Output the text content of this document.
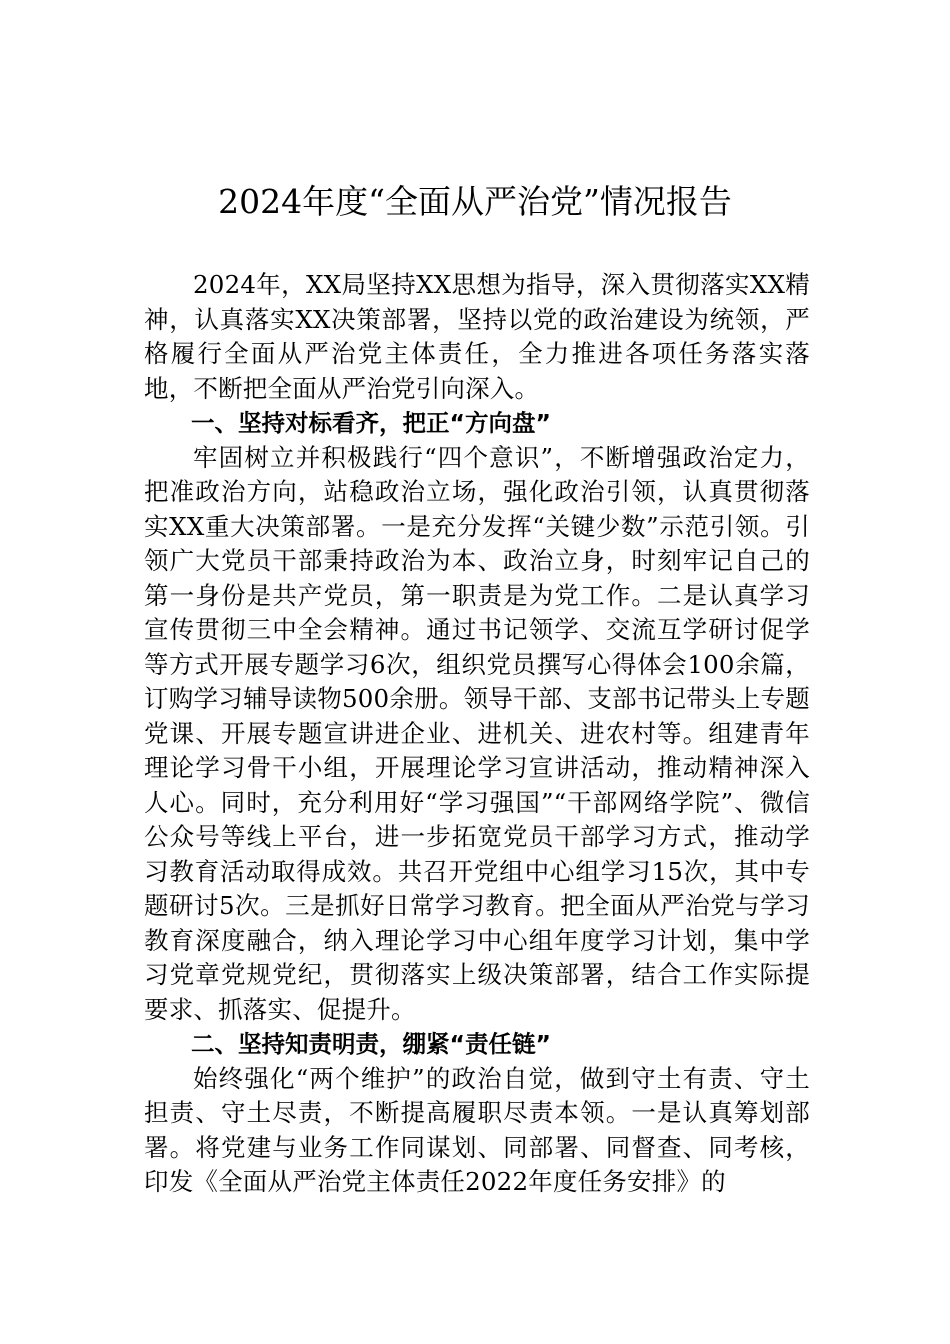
2024年度“全面从严治党”情况报告

2024年，XX局坚持XX思想为指导，深入贯彻落实XX精神，认真落实XX决策部署，坚持以党的政治建设为统领，严格履行全面从严治党主体责任，全力推进各项任务落实落地，不断把全面从严治党引向深入。

一、坚持对标看齐，把正“方向盘”

牢固树立并积极践行“四个意识”，不断增强政治定力，把准政治方向，站稳政治立场，强化政治引领，认真贯彻落实XX重大决策部署。一是充分发挥“关键少数”示范引领。引领广大党员干部秉持政治为本、政治立身，时刻牢记自己的第一身份是共产党员，第一职责是为党工作。二是认真学习宣传贯彻三中全会精神。通过书记领学、交流互学研讨促学等方式开展专题学习6次，组织党员撰写心得体会100余篇，订购学习辅导读物500余册。领导干部、支部书记带头上专题党课、开展专题宣讲进企业、进机关、进农村等。组建青年理论学习骨干小组，开展理论学习宣讲活动，推动精神深入人心。同时，充分利用好“学习强国”“干部网络学院”、微信公众号等线上平台，进一步拓宽党员干部学习方式，推动学习教育活动取得成效。共召开党组中心组学习15次，其中专题研讨5次。三是抓好日常学习教育。把全面从严治党与学习教育深度融合，纳入理论学习中心组年度学习计划，集中学习党章党规党纪，贯彻落实上级决策部署，结合工作实际提要求、抓落实、促提升。

二、坚持知责明责，绷紧“责任链”

始终强化“两个维护”的政治自觉，做到守土有责、守土担责、守土尽责，不断提高履职尽责本领。一是认真筹划部署。将党建与业务工作同谋划、同部署、同督查、同考核，印发《全面从严治党主体责任2022年度任务安排》的
